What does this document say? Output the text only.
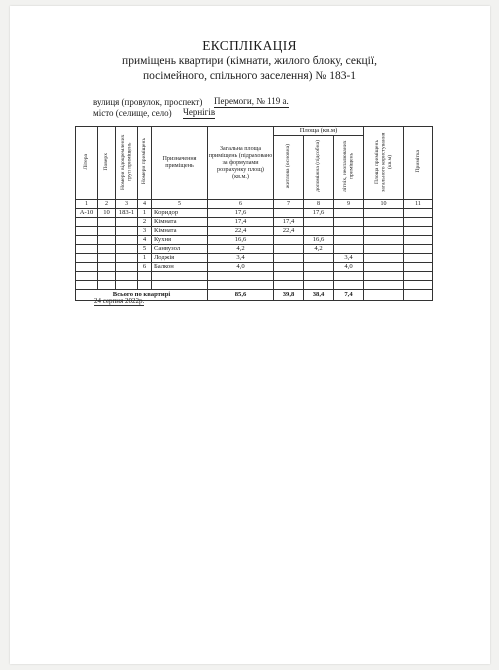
ЕКСПЛІКАЦІЯ
приміщень квартири (кімнати, жилого блоку, секції,
посімейного, спільного заселення) № 183-1
вулиця (провулок, проспект) Перемоги, № 119 а.
місто (селище, село) Чернігів
Літера	Поверх	Номери відокремлених груп приміщень	Номери приміщень	Призначення приміщень	Загальна площа приміщень (підраховано за формулами розрахунку площ) (кв.м.)	Площа (кв.м)			Площа приміщень загального користування (кв.м)	Примітка
						житлова (основна)	допоміжна (підсобна)	літніх, неопалюваних приміщень		
1	2	3	4	5	6	7	8	9	10	11
А-10	10	183-1	1	Коридор	17,6		17,6			
			2	Кімната	17,4	17,4				
			3	Кімната	22,4	22,4				
			4	Кухня	16,6		16,6			
			5	Санвузол	4,2		4,2			
			1	Лоджія	3,4			3,4		
			6	Балкон	4,0			4,0		

Всього по квартирі					85,6	39,8	38,4	7,4		
24 серпня 2022р.
